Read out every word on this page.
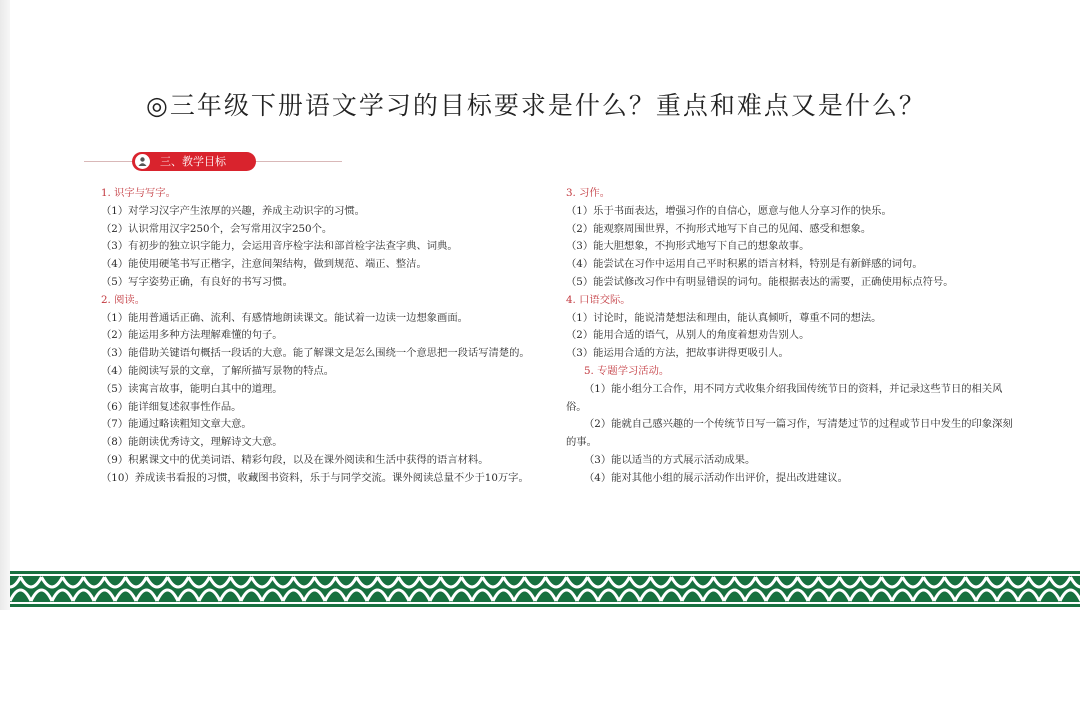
◎三年级下册语文学习的目标要求是什么？重点和难点又是什么？
三、教学目标
1. 识字与写字。
（1）对学习汉字产生浓厚的兴趣，养成主动识字的习惯。
（2）认识常用汉字250个，会写常用汉字250个。
（3）有初步的独立识字能力，会运用音序检字法和部首检字法查字典、词典。
（4）能使用硬笔书写正楷字，注意间架结构，做到规范、端正、整洁。
（5）写字姿势正确，有良好的书写习惯。
2. 阅读。
（1）能用普通话正确、流利、有感情地朗读课文。能试着一边读一边想象画面。
（2）能运用多种方法理解难懂的句子。
（3）能借助关键语句概括一段话的大意。能了解课文是怎么围绕一个意思把一段话写清楚的。
（4）能阅读写景的文章，了解所描写景物的特点。
（5）读寓言故事，能明白其中的道理。
（6）能详细复述叙事性作品。
（7）能通过略读粗知文章大意。
（8）能朗读优秀诗文，理解诗文大意。
（9）积累课文中的优美词语、精彩句段，以及在课外阅读和生活中获得的语言材料。
（10）养成读书看报的习惯，收藏图书资料，乐于与同学交流。课外阅读总量不少于10万字。
3. 习作。
（1）乐于书面表达，增强习作的自信心，愿意与他人分享习作的快乐。
（2）能观察周围世界，不拘形式地写下自己的见闻、感受和想象。
（3）能大胆想象，不拘形式地写下自己的想象故事。
（4）能尝试在习作中运用自己平时积累的语言材料，特别是有新鲜感的词句。
（5）能尝试修改习作中有明显错误的词句。能根据表达的需要，正确使用标点符号。
4. 口语交际。
（1）讨论时，能说清楚想法和理由，能认真倾听，尊重不同的想法。
（2）能用合适的语气，从别人的角度着想劝告别人。
（3）能运用合适的方法，把故事讲得更吸引人。
5. 专题学习活动。
（1）能小组分工合作，用不同方式收集介绍我国传统节日的资料，并记录这些节日的相关风俗。
（2）能就自己感兴趣的一个传统节日写一篇习作，写清楚过节的过程或节日中发生的印象深刻的事。
（3）能以适当的方式展示活动成果。
（4）能对其他小组的展示活动作出评价，提出改进建议。
